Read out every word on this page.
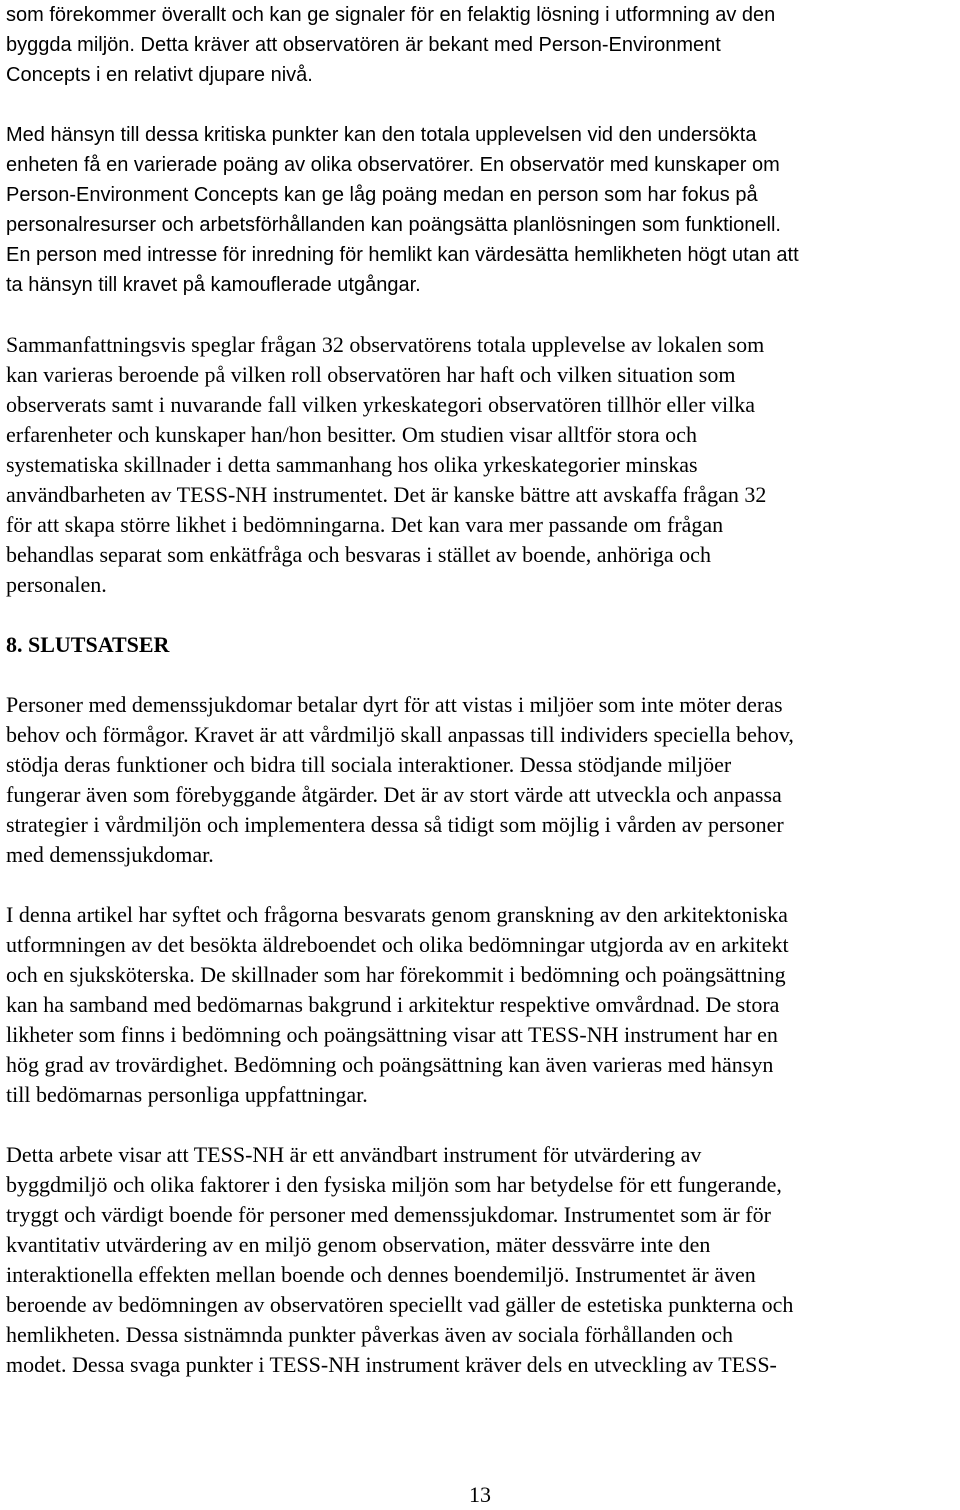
som förekommer överallt och kan ge signaler för en felaktig lösning i utformning av den
byggda miljön. Detta kräver att observatören är bekant med Person-Environment
Concepts i en relativt djupare nivå.
Med hänsyn till dessa kritiska punkter kan den totala upplevelsen vid den undersökta
enheten få en varierade poäng av olika observatörer. En observatör med kunskaper om
Person-Environment Concepts kan ge låg poäng medan en person som har fokus på
personalresurser och arbetsförhållanden kan poängsätta planlösningen som funktionell.
En person med intresse för inredning för hemlikt kan värdesätta hemlikheten högt utan att
ta hänsyn till kravet på kamouflerade utgångar.
Sammanfattningsvis speglar frågan 32 observatörens totala upplevelse av lokalen som
kan varieras beroende på vilken roll observatören har haft och vilken situation som
observerats samt i nuvarande fall vilken yrkeskategori observatören tillhör eller vilka
erfarenheter och kunskaper han/hon besitter. Om studien visar alltför stora och
systematiska skillnader i detta sammanhang hos olika yrkeskategorier minskas
användbarheten av TESS-NH instrumentet. Det är kanske bättre att avskaffa frågan 32
för att skapa större likhet i bedömningarna. Det kan vara mer passande om frågan
behandlas separat som enkätfråga och besvaras i stället av boende, anhöriga och
personalen.
8. SLUTSATSER
Personer med demenssjukdomar betalar dyrt för att vistas i miljöer som inte möter deras
behov och förmågor. Kravet är att vårdmiljö skall anpassas till individers speciella behov,
stödja deras funktioner och bidra till sociala interaktioner. Dessa stödjande miljöer
fungerar även som förebyggande åtgärder. Det är av stort värde att utveckla och anpassa
strategier i vårdmiljön och implementera dessa så tidigt som möjlig i vården av personer
med demenssjukdomar.
I denna artikel har syftet och frågorna besvarats genom granskning av den arkitektoniska
utformningen av det besökta äldreboendet och olika bedömningar utgjorda av en arkitekt
och en sjuksköterska. De skillnader som har förekommit i bedömning och poängsättning
kan ha samband med bedömarnas bakgrund i arkitektur respektive omvårdnad. De stora
likheter som finns i bedömning och poängsättning visar att TESS-NH instrument har en
hög grad av trovärdighet. Bedömning och poängsättning kan även varieras med hänsyn
till bedömarnas personliga uppfattningar.
Detta arbete visar att TESS-NH är ett användbart instrument för utvärdering av
byggdmiljö och olika faktorer i den fysiska miljön som har betydelse för ett fungerande,
tryggt och värdigt boende för personer med demenssjukdomar. Instrumentet som är för
kvantitativ utvärdering av en miljö genom observation, mäter dessvärre inte den
interaktionella effekten mellan boende och dennes boendemiljö. Instrumentet är även
beroende av bedömningen av observatören speciellt vad gäller de estetiska punkterna och
hemlikheten. Dessa sistnämnda punkter påverkas även av sociala förhållanden och
modet. Dessa svaga punkter i TESS-NH instrument kräver dels en utveckling av TESS-
13
